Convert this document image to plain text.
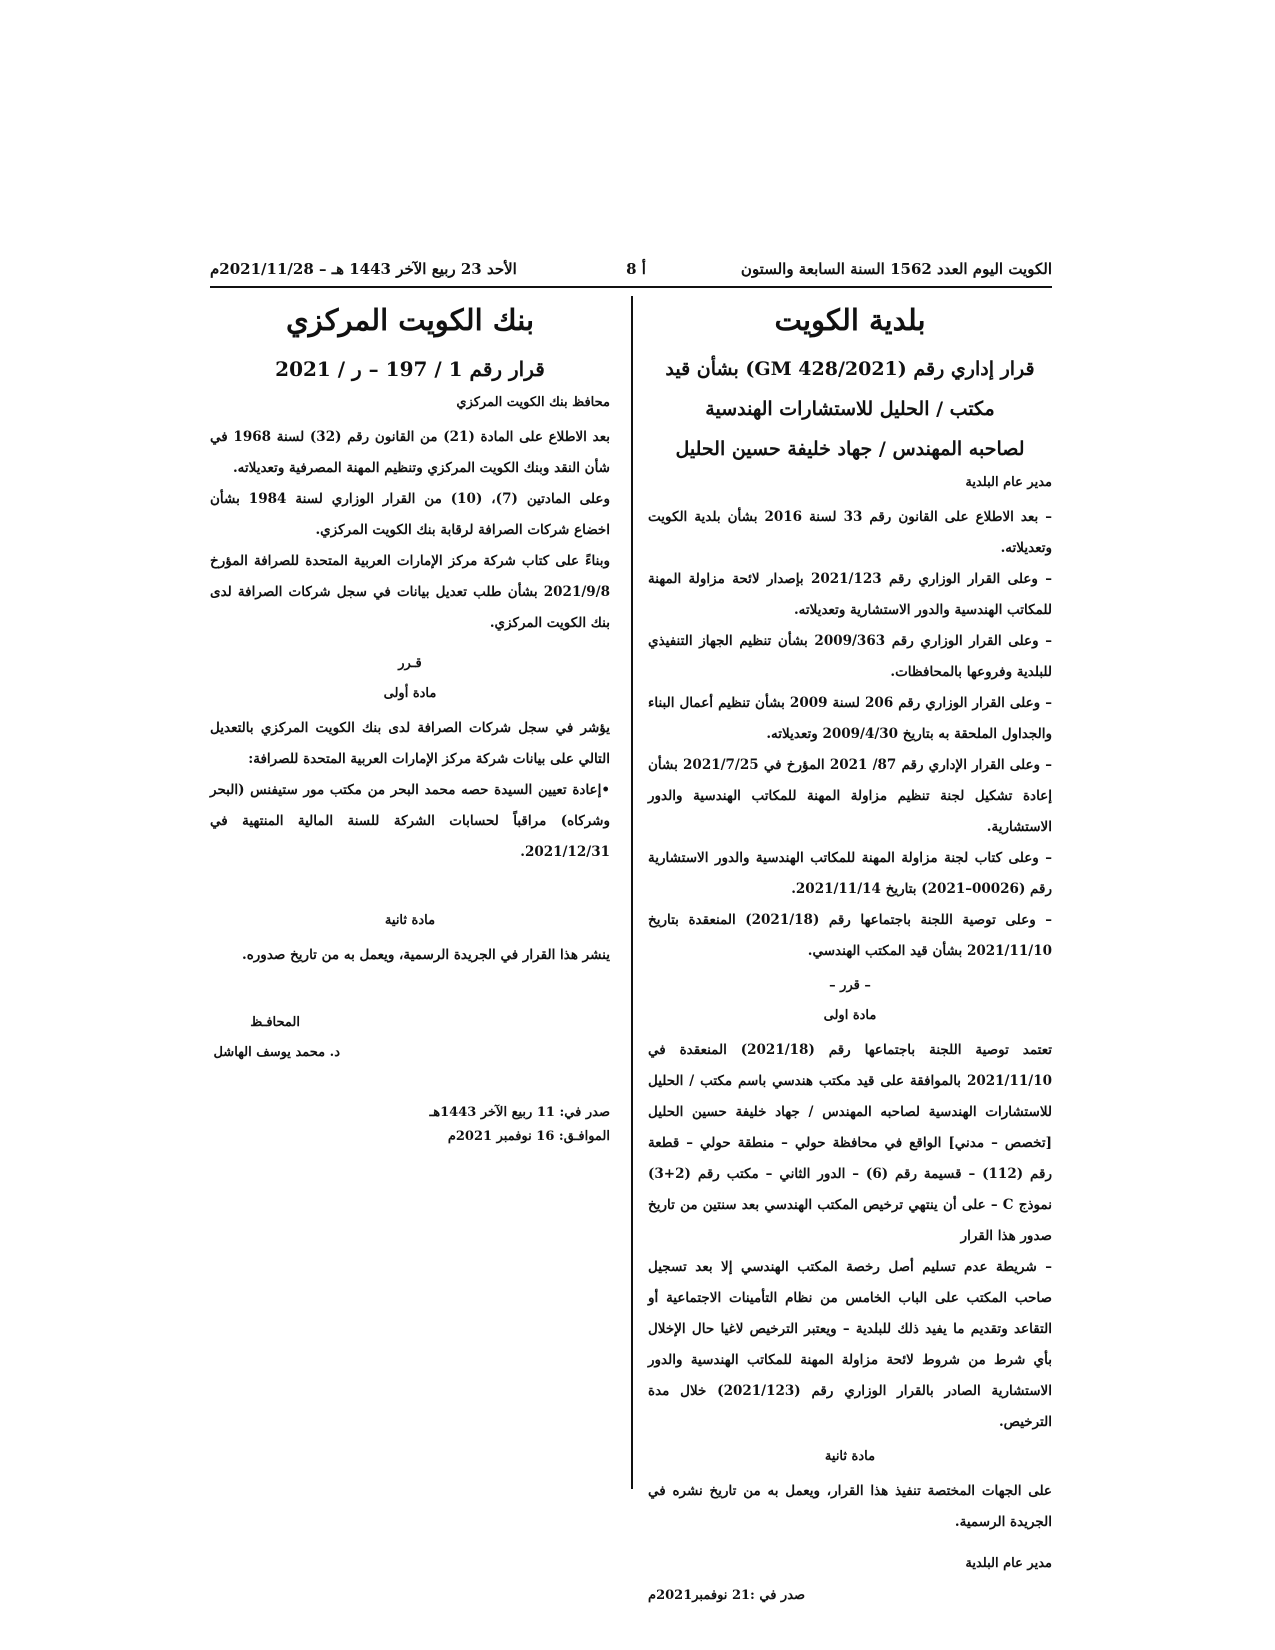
الكويت اليوم العدد 1562 السنة السابعة والستون
أ 8
الأحد 23 ربيع الآخر 1443 هـ – 2021/11/28م
بلدية الكويت
قرار إداري رقم (2021/GM 428) بشأن قيد
مكتب / الحليل للاستشارات الهندسية
لصاحبه المهندس / جهاد خليفة حسين الحليل
مدير عام البلدية

– بعد الاطلاع على القانون رقم 33 لسنة 2016 بشأن بلدية الكويت وتعديلاته.

– وعلى القرار الوزاري رقم 2021/123 بإصدار لائحة مزاولة المهنة للمكاتب الهندسية والدور الاستشارية وتعديلاته.

– وعلى القرار الوزاري رقم 2009/363 بشأن تنظيم الجهاز التنفيذي للبلدية وفروعها بالمحافظات.

– وعلى القرار الوزاري رقم 206 لسنة 2009 بشأن تنظيم أعمال البناء والجداول الملحقة به بتاريخ 2009/4/30 وتعديلاته.

– وعلى القرار الإداري رقم 87/ 2021 المؤرخ في 2021/7/25 بشأن إعادة تشكيل لجنة تنظيم مزاولة المهنة للمكاتب الهندسية والدور الاستشارية.

– وعلى كتاب لجنة مزاولة المهنة للمكاتب الهندسية والدور الاستشارية رقم (00026–2021) بتاريخ 2021/11/14.

– وعلى توصية اللجنة باجتماعها رقم (2021/18) المنعقدة بتاريخ 2021/11/10 بشأن قيد المكتب الهندسي.

– قرر –
مادة اولى

تعتمد توصية اللجنة باجتماعها رقم (2021/18) المنعقدة في 2021/11/10 بالموافقة على قيد مكتب هندسي باسم مكتب / الحليل للاستشارات الهندسية لصاحبه المهندس / جهاد خليفة حسين الحليل [تخصص – مدني] الواقع في محافظة حولي – منطقة حولي – قطعة رقم (112) – قسيمة رقم (6) – الدور الثاني – مكتب رقم (2+3) نموذج C – على أن ينتهي ترخيص المكتب الهندسي بعد سنتين من تاريخ صدور هذا القرار

– شريطة عدم تسليم أصل رخصة المكتب الهندسي إلا بعد تسجيل صاحب المكتب على الباب الخامس من نظام التأمينات الاجتماعية أو التقاعد وتقديم ما يفيد ذلك للبلدية – ويعتبر الترخيص لاغيا حال الإخلال بأي شرط من شروط لائحة مزاولة المهنة للمكاتب الهندسية والدور الاستشارية الصادر بالقرار الوزاري رقم (2021/123) خلال مدة الترخيص.

مادة ثانية

على الجهات المختصة تنفيذ هذا القرار، ويعمل به من تاريخ نشره في الجريدة الرسمية.

مدير عام البلدية

صدر في :21 نوفمبر2021م

بنك الكويت المركزي
قرار رقم 1 / 197 – ر / 2021
محافظ بنك الكويت المركزي

بعد الاطلاع على المادة (21) من القانون رقم (32) لسنة 1968 في شأن النقد وبنك الكويت المركزي وتنظيم المهنة المصرفية وتعديلاته.

وعلى المادتين (7)، (10) من القرار الوزاري لسنة 1984 بشأن اخضاع شركات الصرافة لرقابة بنك الكويت المركزي.

وبناءً على كتاب شركة مركز الإمارات العربية المتحدة للصرافة المؤرخ 2021/9/8 بشأن طلب تعديل بيانات في سجل شركات الصرافة لدى بنك الكويت المركزي.

قـرر
مادة أولى

يؤشر في سجل شركات الصرافة لدى بنك الكويت المركزي بالتعديل التالي على بيانات شركة مركز الإمارات العربية المتحدة للصرافة:

• إعادة تعيين السيدة حصه محمد البحر من مكتب مور ستيفنس (البحر وشركاه) مراقباً لحسابات الشركة للسنة المالية المنتهية في 2021/12/31.

مادة ثانية

ينشر هذا القرار في الجريدة الرسمية، ويعمل به من تاريخ صدوره.

المحافـظ

د. محمد يوسف الهاشل

صدر في: 11 ربيع الآخر 1443هـ

الموافـق: 16 نوفمبر 2021م
